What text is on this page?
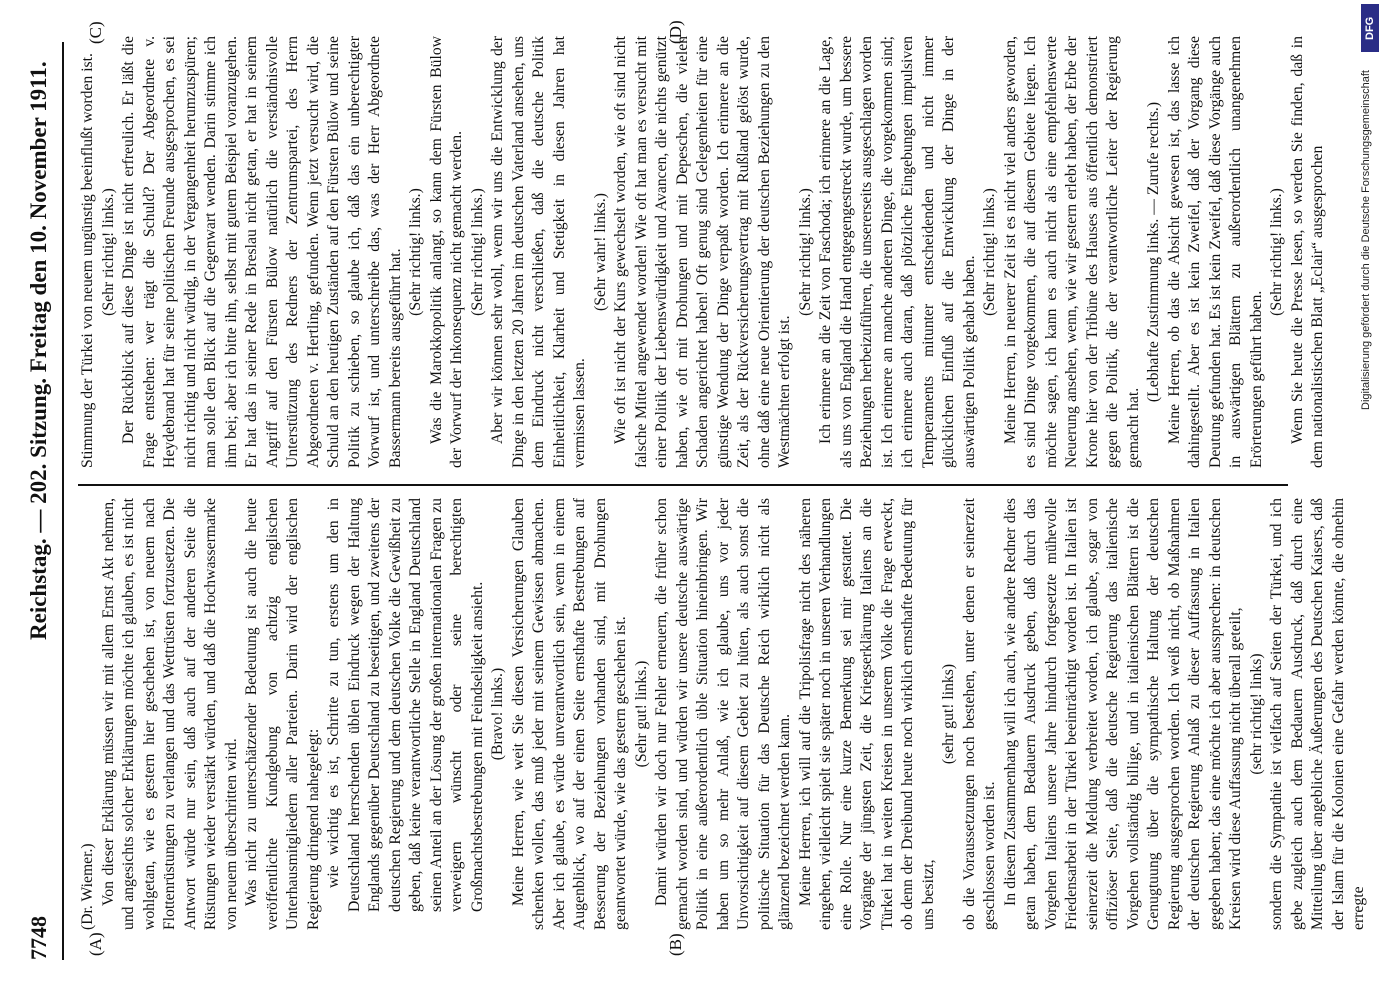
7748
Reichstag. — 202. Sitzung. Freitag den 10. November 1911.
(A)	(B)
(C)	(D)

(Dr. Wiemer.) Von dieser Erklärung müssen wir mit allem Ernst Akt nehmen, und angesichts solcher Erklärungen möchte ich glauben, es ist nicht wohlgetan, wie es gestern hier geschehen ist, von neuem nach Flottenrüstungen zu verlangen und das Wettrüsten fortzusetzen. Die Antwort würde nur sein, daß auch auf der anderen Seite die Rüstungen wieder verstärkt würden, und daß die Hochwassermarke von neuem überschritten wird. Was nicht zu unterschätzender Bedeutung ist auch die heute veröffentlichte Kundgebung von achtzig englischen Unterhausmitgliedern aller Parteien. Darin wird der englischen Regierung dringend nahegelegt: wie wichtig es ist, Schritte zu tun, erstens um den in Deutschland herrschenden üblen Eindruck wegen der Haltung Englands gegenüber Deutschland zu beseitigen, und zweitens der deutschen Regierung und dem deutschen Volke die Gewißheit zu geben, daß keine verantwortliche Stelle in England Deutschland seinen Anteil an der Lösung der großen internationalen Fragen zu verweigern wünscht oder seine berechtigten Großmachtsbestrebungen mit Feindseligkeit ansieht. (Bravo! links.) Meine Herren, wie weit Sie diesen Versicherungen Glauben schenken wollen, das muß jeder mit seinem Gewissen abmachen. Aber ich glaube, es würde unverantwortlich sein, wenn in einem Augenblick, wo auf der einen Seite ernsthafte Bestrebungen auf Besserung der Beziehungen vorhanden sind, mit Drohungen geantwortet würde, wie das gestern geschehen ist. (Sehr gut! links.) Damit würden wir doch nur Fehler erneuern, die früher schon gemacht worden sind, und würden wir unsere deutsche auswärtige Politik in eine außerordentlich üble Situation hineinbringen. Wir haben um so mehr Anlaß, wie ich glaube, uns vor jeder Unvorsichtigkeit auf diesem Gebiet zu hüten, als auch sonst die politische Situation für das Deutsche Reich wirklich nicht als glänzend bezeichnet werden kann. Meine Herren, ich will auf die Tripolisfrage nicht des näheren eingehen, vielleicht spielt sie später noch in unseren Verhandlungen eine Rolle. Nur eine kurze Bemerkung sei mir gestattet. Die Vorgänge der jüngsten Zeit, die Kriegserklärung Italiens an die Türkei hat in weiten Kreisen in unserem Volke die Frage erweckt, ob denn der Dreibund heute noch wirklich ernsthafte Bedeutung für uns besitzt,

(sehr gut! links) ob die Voraussetzungen noch bestehen, unter denen er seinerzeit geschlossen worden ist. In diesem Zusammenhang will ich auch, wie andere Redner dies getan haben, dem Bedauern Ausdruck geben, daß durch das Vorgehen Italiens unsere Jahre hindurch fortgesetzte mühevolle Friedensarbeit in der Türkei beeinträchtigt worden ist. In Italien ist seinerzeit die Meldung verbreitet worden, ich glaube, sogar von offiziöser Seite, daß die deutsche Regierung das italienische Vorgehen vollständig billige, und in italienischen Blättern ist die Genugtuung über die sympathische Haltung der deutschen Regierung ausgesprochen worden. Ich weiß nicht, ob Maßnahmen der deutschen Regierung Anlaß zu dieser Auffassung in Italien gegeben haben; das eine möchte ich aber aussprechen: in deutschen Kreisen wird diese Auffassung nicht überall geteilt, (sehr richtig! links) sondern die Sympathie ist vielfach auf Seiten der Türkei, und ich gebe zugleich auch dem Bedauern Ausdruck, daß durch eine Mitteilung über angebliche Äußerungen des Deutschen Kaisers, daß der Islam für die Kolonien eine Gefahr werden könnte, die ohnehin erregte

Stimmung der Türkei von neuem ungünstig beeinflußt worden ist. (Sehr richtig! links.) Der Rückblick auf diese Dinge ist nicht erfreulich. Er läßt die Frage entstehen: wer trägt die Schuld? Der Abgeordnete v. Heydebrand hat für seine politischen Freunde ausgesprochen, es sei nicht richtig und nicht würdig, in der Vergangenheit herumzuspüren; man solle den Blick auf die Gegenwart wenden. Darin stimme ich ihm bei; aber ich bitte ihn, selbst mit gutem Beispiel voranzugehen. Er hat das in seiner Rede in Breslau nicht getan, er hat in seinem Angriff auf den Fürsten Bülow natürlich die verständnisvolle Unterstützung des Redners der Zentrumspartei, des Herrn Abgeordneten v. Hertling, gefunden. Wenn jetzt versucht wird, die Schuld an den heutigen Zuständen auf den Fürsten Bülow und seine Politik zu schieben, so glaube ich, daß das ein unberechtigter Vorwurf ist, und unterschreibe das, was der Herr Abgeordnete Bassermann bereits ausgeführt hat. (Sehr richtig! links.) Was die Marokkopolitik anlangt, so kann dem Fürsten Bülow der Vorwurf der Inkonsequenz nicht gemacht werden. (Sehr richtig! links.) Aber wir können sehr wohl, wenn wir uns die Entwicklung der Dinge in den letzten 20 Jahren im deutschen Vaterland ansehen, uns dem Eindruck nicht verschließen, daß die deutsche Politik Einheitlichkeit, Klarheit und Stetigkeit in diesen Jahren hat vermissen lassen.

(Sehr wahr! links.) Wie oft ist nicht der Kurs gewechselt worden, wie oft sind nicht falsche Mittel angewendet worden! Wie oft hat man es versucht mit einer Politik der Liebenswürdigkeit und Avancen, die nichts genützt haben, wie oft mit Drohungen und mit Depeschen, die vielen Schaden angerichtet haben! Oft genug sind Gelegenheiten für eine günstige Wendung der Dinge verpaßt worden. Ich erinnere an die Zeit, als der Rückversicherungsvertrag mit Rußland gelöst wurde, ohne daß eine neue Orientierung der deutschen Beziehungen zu den Westmächten erfolgt ist.

(Sehr richtig! links.) Ich erinnere an die Zeit von Faschoda; ich erinnere an die Lage, als uns von England die Hand entgegengestreckt wurde, um bessere Beziehungen herbeizuführen, die unsererseits ausgeschlagen worden ist. Ich erinnere an manche anderen Dinge, die vorgekommen sind; ich erinnere auch daran, daß plötzliche Eingebungen impulsiven Temperaments mitunter entscheidenden und nicht immer glücklichen Einfluß auf die Entwicklung der Dinge in der auswärtigen Politik gehabt haben.

(Sehr richtig! links.) Meine Herren, in neuerer Zeit ist es nicht viel anders geworden, es sind Dinge vorgekommen, die auf diesem Gebiete liegen. Ich möchte sagen, ich kann es auch nicht als eine empfehlenswerte Neuerung ansehen, wenn, wie wir gestern erlebt haben, der Erbe der Krone hier von der Tribüne des Hauses aus öffentlich demonstriert gegen die Politik, die der verantwortliche Leiter der Regierung gemacht hat.

(Lebhafte Zustimmung links. — Zurufe rechts.) Meine Herren, ob das die Absicht gewesen ist, das lasse ich dahingestellt. Aber es ist kein Zweifel, daß der Vorgang diese Deutung gefunden hat. Es ist kein Zweifel, daß diese Vorgänge auch in auswärtigen Blättern zu außerordentlich unangenehmen Erörterungen geführt haben.

(Sehr richtig! links.) Wenn Sie heute die Presse lesen, so werden Sie finden, daß in dem nationalistischen Blatt „Eclair“ ausgesprochen

DFG
Digitalisierung gefördert durch die Deutsche Forschungsgemeinschaft
